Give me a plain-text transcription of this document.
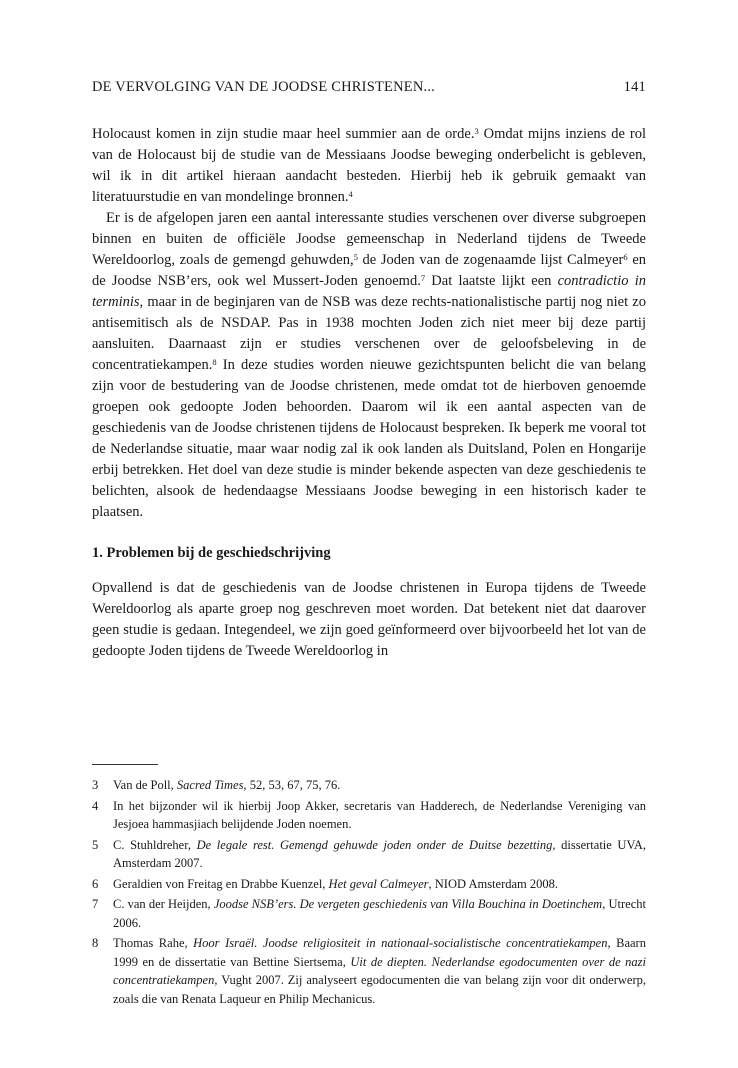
DE VERVOLGING VAN DE JOODSE CHRISTENEN...	141

Holocaust komen in zijn studie maar heel summier aan de orde.$^3$ Omdat mijns inziens de rol van de Holocaust bij de studie van de Messiaans Joodse beweging onderbelicht is gebleven, wil ik in dit artikel hieraan aandacht besteden. Hierbij heb ik gebruik gemaakt van literatuurstudie en van mondelinge bronnen.$^4$

Er is de afgelopen jaren een aantal interessante studies verschenen over diverse subgroepen binnen en buiten de officiële Joodse gemeenschap in Nederland tijdens de Tweede Wereldoorlog, zoals de gemengd gehuwden,$^5$ de Joden van de zogenaamde lijst Calmeyer$^6$ en de Joodse NSB’ers, ook wel Mussert-Joden genoemd.$^7$ Dat laatste lijkt een contradictio in terminis, maar in de beginjaren van de NSB was deze rechts-nationalistische partij nog niet zo antisemitisch als de NSDAP. Pas in 1938 mochten Joden zich niet meer bij deze partij aansluiten. Daarnaast zijn er studies verschenen over de geloofsbeleving in de concentratiekampen.$^8$ In deze studies worden nieuwe gezichtspunten belicht die van belang zijn voor de bestudering van de Joodse christenen, mede omdat tot de hierboven genoemde groepen ook gedoopte Joden behoorden. Daarom wil ik een aantal aspecten van de geschiedenis van de Joodse christenen tijdens de Holocaust bespreken. Ik beperk me vooral tot de Nederlandse situatie, maar waar nodig zal ik ook landen als Duitsland, Polen en Hongarije erbij betrekken. Het doel van deze studie is minder bekende aspecten van deze geschiedenis te belichten, alsook de hedendaagse Messiaans Joodse beweging in een historisch kader te plaatsen.

1. Problemen bij de geschiedschrijving

Opvallend is dat de geschiedenis van de Joodse christenen in Europa tijdens de Tweede Wereldoorlog als aparte groep nog geschreven moet worden. Dat betekent niet dat daarover geen studie is gedaan. Integendeel, we zijn goed geïnformeerd over bijvoorbeeld het lot van de gedoopte Joden tijdens de Tweede Wereldoorlog in

3	Van de Poll, Sacred Times, 52, 53, 67, 75, 76.
4	In het bijzonder wil ik hierbij Joop Akker, secretaris van Hadderech, de Nederlandse Vereniging van Jesjoea hammasjiach belijdende Joden noemen.
5	C. Stuhldreher, De legale rest. Gemengd gehuwde joden onder de Duitse bezetting, dissertatie UVA, Amsterdam 2007.
6	Geraldien von Freitag en Drabbe Kuenzel, Het geval Calmeyer, NIOD Amsterdam 2008.
7	C. van der Heijden, Joodse NSB’ers. De vergeten geschiedenis van Villa Bouchina in Doetinchem, Utrecht 2006.
8	Thomas Rahe, Hoor Israël. Joodse religiositeit in nationaal-socialistische concentratiekampen, Baarn 1999 en de dissertatie van Bettine Siertsema, Uit de diepten. Nederlandse egodocumenten over de nazi concentratiekampen, Vught 2007. Zij analyseert egodocumenten die van belang zijn voor dit onderwerp, zoals die van Renata Laqueur en Philip Mechanicus.
